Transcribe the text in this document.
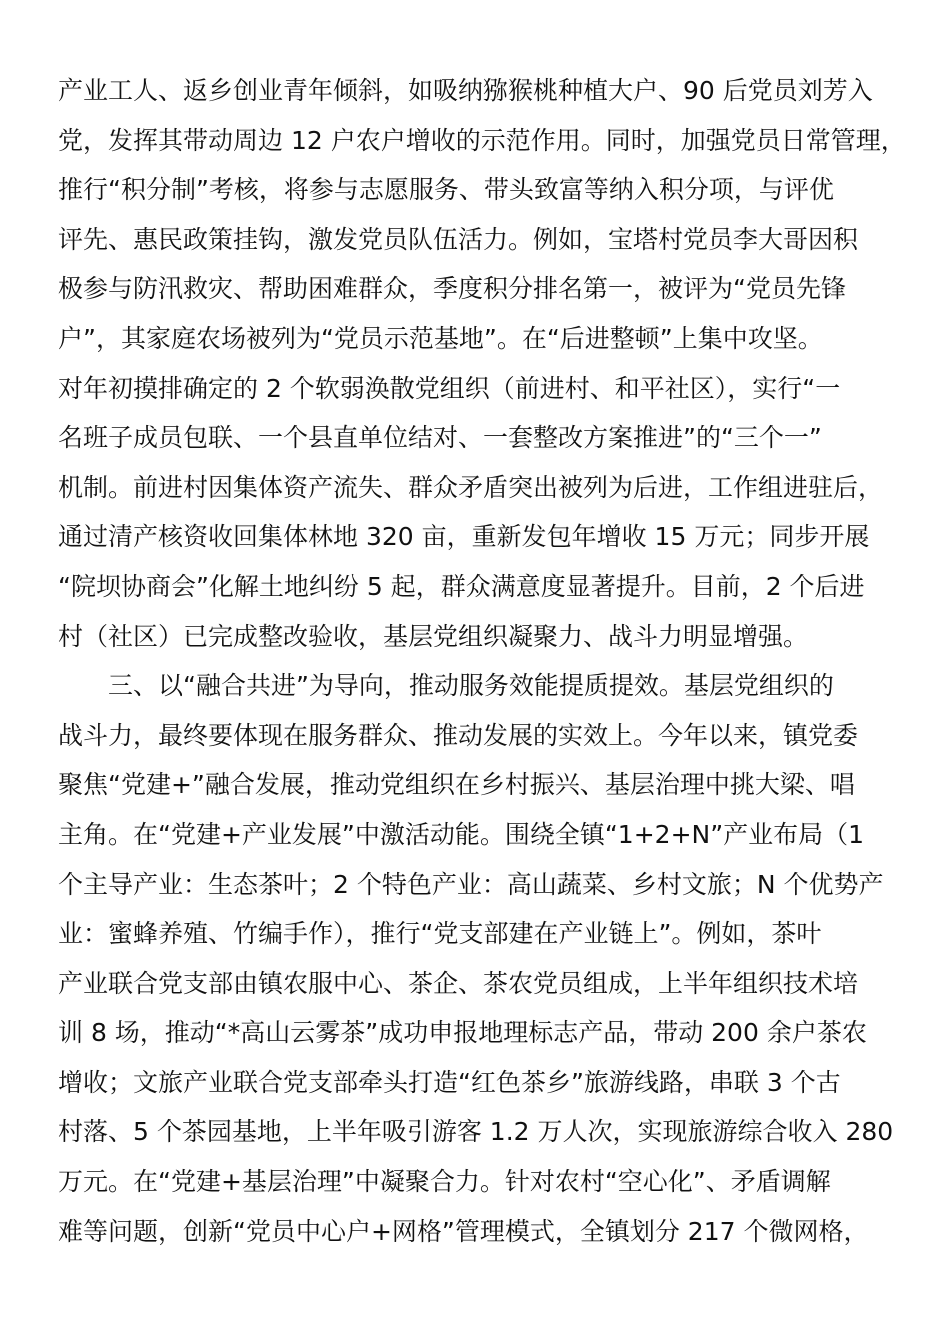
产业工人、返乡创业青年倾斜，如吸纳猕猴桃种植大户、90 后党员刘芳入
党，发挥其带动周边 12 户农户增收的示范作用。同时，加强党员日常管理，
推行“积分制”考核，将参与志愿服务、带头致富等纳入积分项，与评优
评先、惠民政策挂钩，激发党员队伍活力。例如，宝塔村党员李大哥因积
极参与防汛救灾、帮助困难群众，季度积分排名第一，被评为“党员先锋
户”，其家庭农场被列为“党员示范基地”。在“后进整顿”上集中攻坚。
对年初摸排确定的 2 个软弱涣散党组织（前进村、和平社区），实行“一
名班子成员包联、一个县直单位结对、一套整改方案推进”的“三个一”
机制。前进村因集体资产流失、群众矛盾突出被列为后进，工作组进驻后，
通过清产核资收回集体林地 320 亩，重新发包年增收 15 万元；同步开展
“院坝协商会”化解土地纠纷 5 起，群众满意度显著提升。目前，2 个后进
村（社区）已完成整改验收，基层党组织凝聚力、战斗力明显增强。
三、以“融合共进”为导向，推动服务效能提质提效。基层党组织的
战斗力，最终要体现在服务群众、推动发展的实效上。今年以来，镇党委
聚焦“党建+”融合发展，推动党组织在乡村振兴、基层治理中挑大梁、唱
主角。在“党建+产业发展”中激活动能。围绕全镇“1+2+N”产业布局（1
个主导产业：生态茶叶；2 个特色产业：高山蔬菜、乡村文旅；N 个优势产
业：蜜蜂养殖、竹编手作），推行“党支部建在产业链上”。例如，茶叶
产业联合党支部由镇农服中心、茶企、茶农党员组成，上半年组织技术培
训 8 场，推动“*高山云雾茶”成功申报地理标志产品，带动 200 余户茶农
增收；文旅产业联合党支部牵头打造“红色茶乡”旅游线路，串联 3 个古
村落、5 个茶园基地，上半年吸引游客 1.2 万人次，实现旅游综合收入 280
万元。在“党建+基层治理”中凝聚合力。针对农村“空心化”、矛盾调解
难等问题，创新“党员中心户+网格”管理模式，全镇划分 217 个微网格，
